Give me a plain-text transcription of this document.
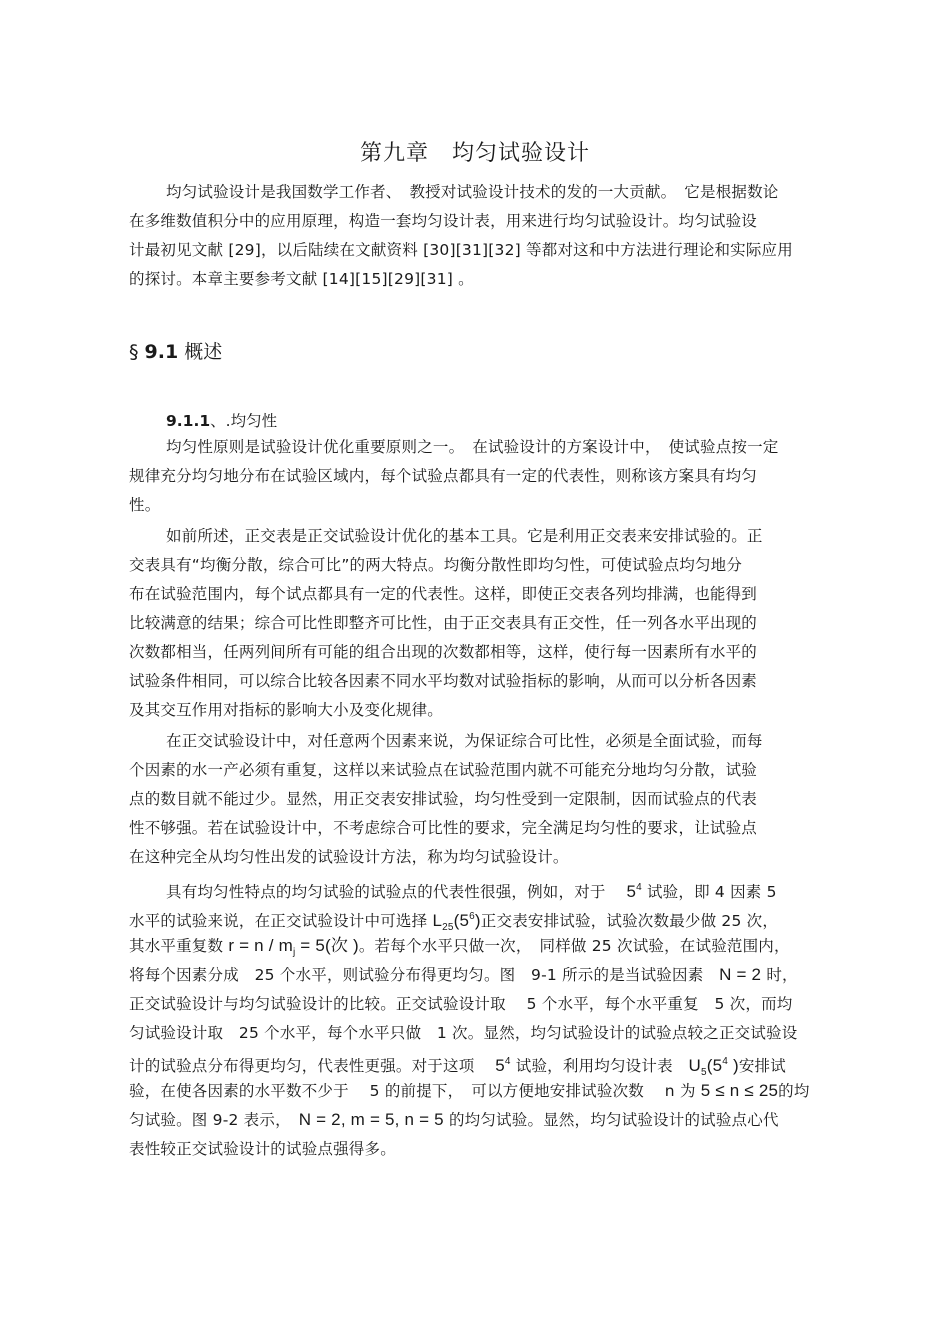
第九章　均匀试验设计
均匀试验设计是我国数学工作者、　教授对试验设计技术的发的一大贡献。　它是根据数论
在多维数值积分中的应用原理，构造一套均匀设计表，用来进行均匀试验设计。均匀试验设
计最初见文献 [29]，以后陆续在文献资料 [30][31][32] 等都对这和中方法进行理论和实际应用
的探讨。本章主要参考文献 [14][15][29][31] 。
§ 9.1 概述
9.1.1、.均匀性
均匀性原则是试验设计优化重要原则之一。　在试验设计的方案设计中，　使试验点按一定
规律充分均匀地分布在试验区域内，每个试验点都具有一定的代表性，则称该方案具有均匀
性。
如前所述，正交表是正交试验设计优化的基本工具。它是利用正交表来安排试验的。正
交表具有“均衡分散，综合可比”的两大特点。均衡分散性即均匀性，可使试验点均匀地分
布在试验范围内，每个试点都具有一定的代表性。这样，即使正交表各列均排满，也能得到
比较满意的结果；综合可比性即整齐可比性，由于正交表具有正交性，任一列各水平出现的
次数都相当，任两列间所有可能的组合出现的次数都相等，这样，使行每一因素所有水平的
试验条件相同，可以综合比较各因素不同水平均数对试验指标的影响，从而可以分析各因素
及其交互作用对指标的影响大小及变化规律。
在正交试验设计中，对任意两个因素来说，为保证综合可比性，必须是全面试验，而每
个因素的水一产必须有重复，这样以来试验点在试验范围内就不可能充分地均匀分散，试验
点的数目就不能过少。显然，用正交表安排试验，均匀性受到一定限制，因而试验点的代表
性不够强。若在试验设计中，不考虑综合可比性的要求，完全满足均匀性的要求，让试验点
在这种完全从均匀性出发的试验设计方法，称为均匀试验设计。
具有均匀性特点的均匀试验的试验点的代表性很强，例如，对于　 $5^4$ 试验，即 4 因素 5
水平的试验来说，在正交试验设计中可选择 $L_{25}(5^6)$正交表安排试验，试验次数最少做 25 次，
其水平重复数 $r = n / m_j = 5$(次 )。若每个水平只做一次，　同样做 25 次试验，在试验范围内，
将每个因素分成　25 个水平，则试验分布得更均匀。图　9-1 所示的是当试验因素　N = 2 时，
正交试验设计与均匀试验设计的比较。正交试验设计取　 5 个水平，每个水平重复　5 次，而均
匀试验设计取　25 个水平，每个水平只做　1 次。显然，均匀试验设计的试验点较之正交试验设
计的试验点分布得更均匀，代表性更强。对于这项　 $5^4$ 试验，利用均匀设计表　$U_5(5^4$ )安排试
验，在使各因素的水平数不少于　 5 的前提下，　可以方便地安排试验次数　 n 为 5 ≤ n ≤ 25的均
匀试验。图 9-2 表示，　N = 2, m = 5, n = 5 的均匀试验。显然，均匀试验设计的试验点心代
表性较正交试验设计的试验点强得多。
